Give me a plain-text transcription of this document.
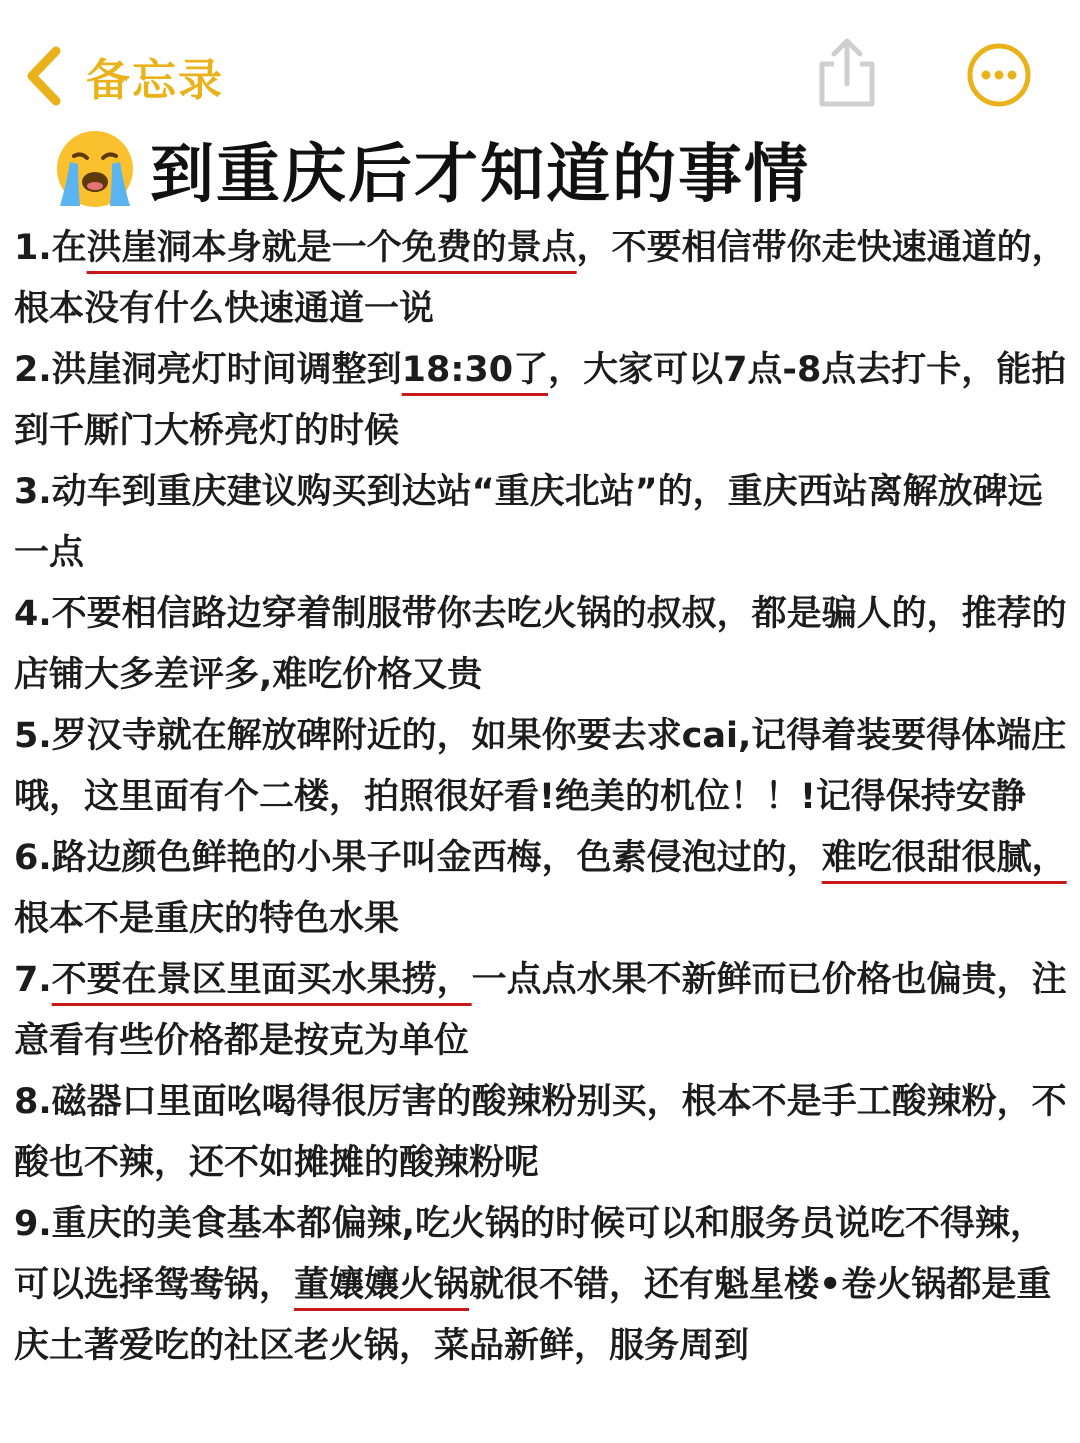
备忘录
到重庆后才知道的事情

1.在洪崖洞本身就是一个免费的景点，不要相信带你走快速通道的，根本没有什么快速通道一说

2.洪崖洞亮灯时间调整到18:30了，大家可以7点-8点去打卡，能拍到千厮门大桥亮灯的时候

3.动车到重庆建议购买到达站“重庆北站”的，重庆西站离解放碑远一点

4.不要相信路边穿着制服带你去吃火锅的叔叔，都是骗人的，推荐的店铺大多差评多,难吃价格又贵

5.罗汉寺就在解放碑附近的，如果你要去求cai,记得着装要得体端庄哦，这里面有个二楼，拍照很好看!绝美的机位！！!记得保持安静

6.路边颜色鲜艳的小果子叫金西梅，色素侵泡过的，难吃很甜很腻，根本不是重庆的特色水果

7.不要在景区里面买水果捞，一点点水果不新鲜而已价格也偏贵，注意看有些价格都是按克为单位

8.磁器口里面吆喝得很厉害的酸辣粉别买，根本不是手工酸辣粉，不酸也不辣，还不如摊摊的酸辣粉呢

9.重庆的美食基本都偏辣,吃火锅的时候可以和服务员说吃不得辣，可以选择鸳鸯锅，董孃孃火锅就很不错，还有魁星楼•卷火锅都是重庆土著爱吃的社区老火锅，菜品新鲜，服务周到
